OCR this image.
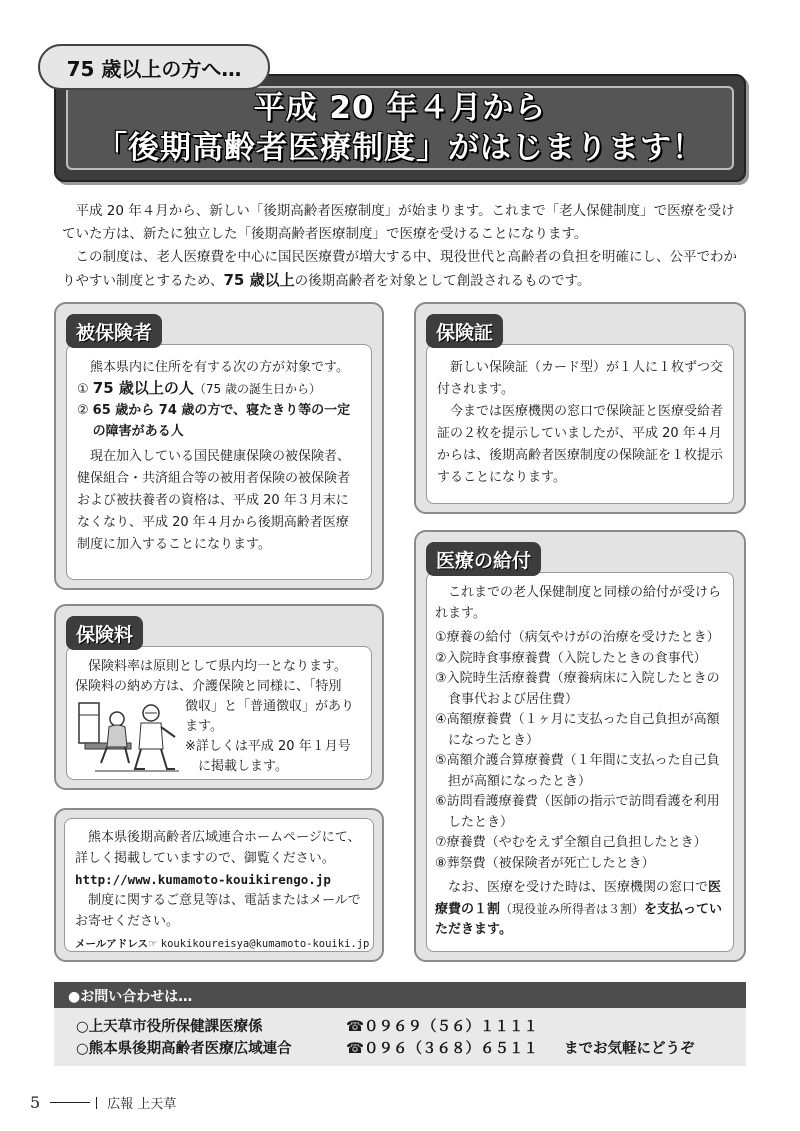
75 歳以上の方へ…
平成 20 年４月から
「後期高齢者医療制度」がはじまります！

平成 20 年４月から、新しい「後期高齢者医療制度」が始まります。これまで「老人保健制度」で医療を受けていた方は、新たに独立した「後期高齢者医療制度」で医療を受けることになります。

この制度は、老人医療費を中心に国民医療費が増大する中、現役世代と高齢者の負担を明確にし、公平でわかりやすい制度とするため、75 歳以上の後期高齢者を対象として創設されるものです。

被保険者

熊本県内に住所を有する次の方が対象です。

① 75 歳以上の人（75 歳の誕生日から）

② 65 歳から 74 歳の方で、寝たきり等の一定の障害がある人

現在加入している国民健康保険の被保険者、健保組合・共済組合等の被用者保険の被保険者および被扶養者の資格は、平成 20 年３月末になくなり、平成 20 年４月から後期高齢者医療制度に加入することになります。

保険証

新しい保険証（カード型）が１人に１枚ずつ交付されます。

今までは医療機関の窓口で保険証と医療受給者証の２枚を提示していましたが、平成 20 年４月からは、後期高齢者医療制度の保険証を１枚提示することになります。

保険料

保険料率は原則として県内均一となります。

保険料の納め方は、介護保険と同様に、「特別

徴収」と「普通徴収」があり

ます。

※詳しくは平成 20 年１月号

に掲載します。

熊本県後期高齢者広域連合ホームページにて、詳しく掲載していますので、御覧ください。

http://www.kumamoto-kouikirengo.jp

制度に関するご意見等は、電話またはメールでお寄せください。

メールアドレス☞ koukikoureisya@kumamoto-kouiki.jp

医療の給付

これまでの老人保健制度と同様の給付が受けられます。

①療養の給付（病気やけがの治療を受けたとき）

②入院時食事療養費（入院したときの食事代）

③入院時生活療養費（療養病床に入院したときの食事代および居住費）

④高額療養費（１ヶ月に支払った自己負担が高額になったとき）

⑤高額介護合算療養費（１年間に支払った自己負担が高額になったとき）

⑥訪問看護療養費（医師の指示で訪問看護を利用したとき）

⑦療養費（やむをえず全額自己負担したとき）

⑧葬祭費（被保険者が死亡したとき）

なお、医療を受けた時は、医療機関の窓口で医療費の１割（現役並み所得者は３割）を支払っていただきます。

●お問い合わせは…
○上天草市役所保健課医療係	☎０９６９（５６）１１１１
○熊本県後期高齢者医療広域連合	☎０９６（３６８）６５１１	までお気軽にどうぞ
5	広報 上天草
